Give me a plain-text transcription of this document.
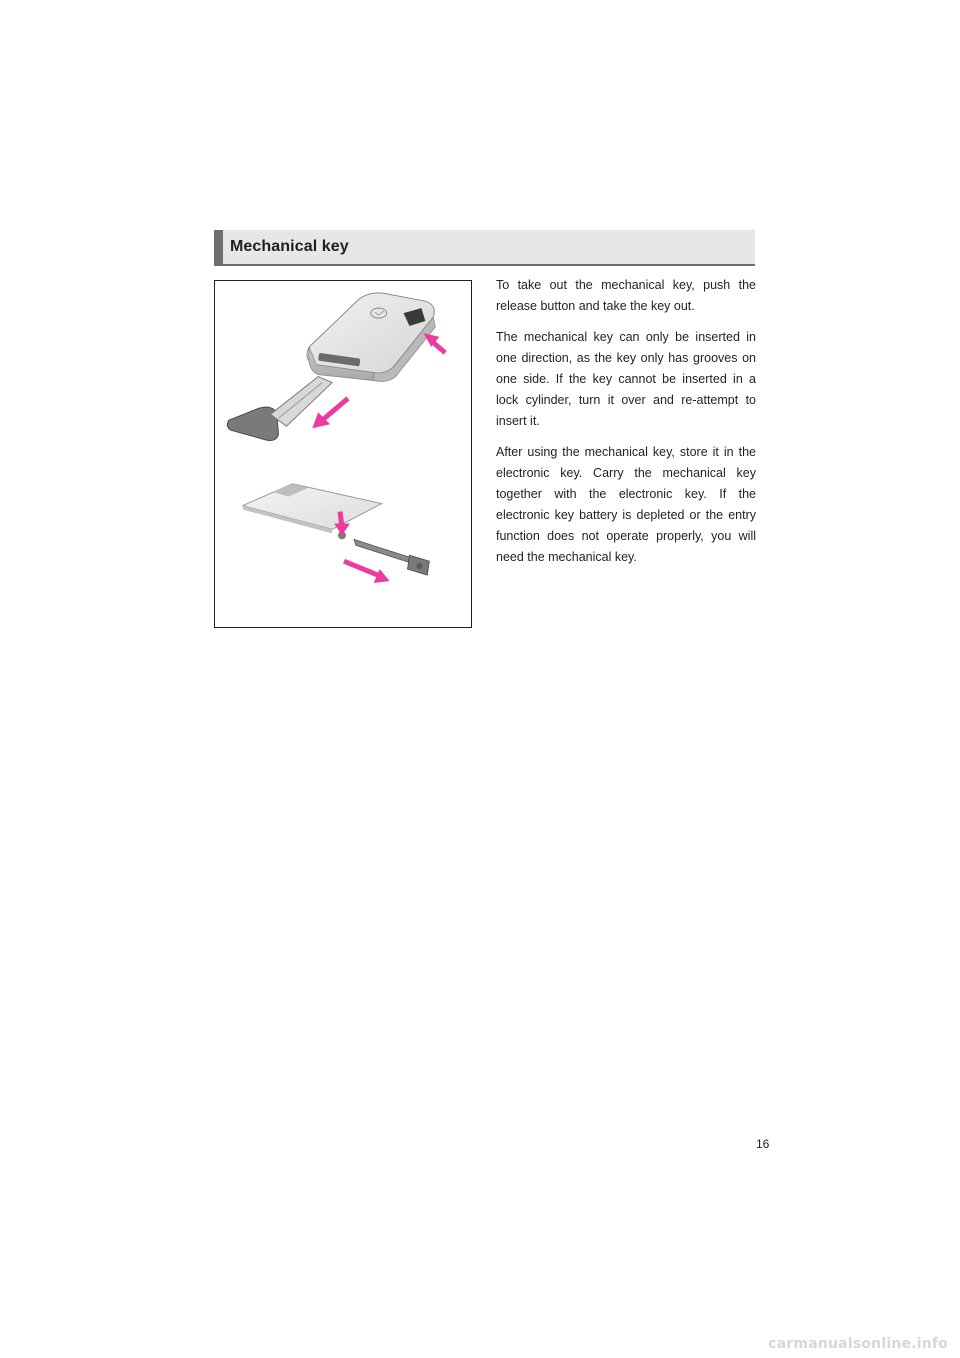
Mechanical key

To take out the mechanical key, push the release button and take the key out.

The mechanical key can only be inserted in one direction, as the key only has grooves on one side. If the key cannot be inserted in a lock cylinder, turn it over and re-attempt to insert it.

After using the mechanical key, store it in the electronic key. Carry the mechanical key together with the electronic key. If the electronic key battery is depleted or the entry function does not operate properly, you will need the mechanical key.

16
carmanualsonline.info
